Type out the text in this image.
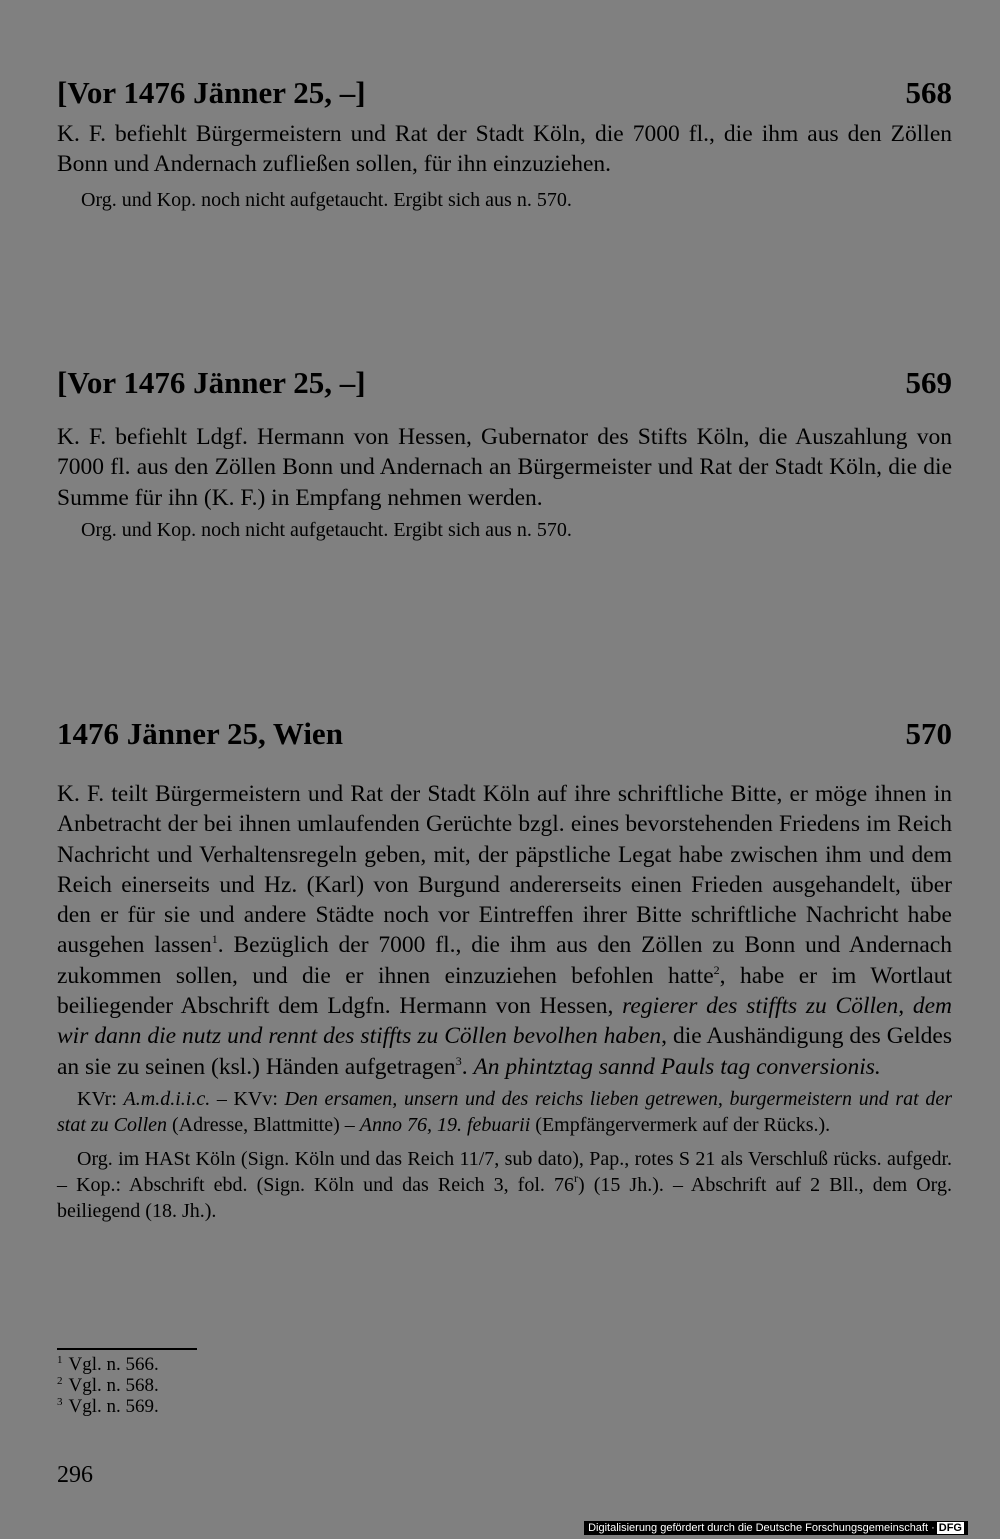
[Vor 1476 Jänner 25, –]	568
K. F. befiehlt Bürgermeistern und Rat der Stadt Köln, die 7000 fl., die ihm aus den Zöllen Bonn und Andernach zufließen sollen, für ihn einzuziehen.
Org. und Kop. noch nicht aufgetaucht. Ergibt sich aus n. 570.
[Vor 1476 Jänner 25, –]	569
K. F. befiehlt Ldgf. Hermann von Hessen, Gubernator des Stifts Köln, die Auszahlung von 7000 fl. aus den Zöllen Bonn und Andernach an Bürgermeister und Rat der Stadt Köln, die die Summe für ihn (K. F.) in Empfang nehmen werden.
Org. und Kop. noch nicht aufgetaucht. Ergibt sich aus n. 570.
1476 Jänner 25, Wien	570
K. F. teilt Bürgermeistern und Rat der Stadt Köln auf ihre schriftliche Bitte, er möge ihnen in Anbetracht der bei ihnen umlaufenden Gerüchte bzgl. eines bevorstehenden Friedens im Reich Nachricht und Verhaltensregeln geben, mit, der päpstliche Legat habe zwischen ihm und dem Reich einerseits und Hz. (Karl) von Burgund andererseits einen Frieden ausgehandelt, über den er für sie und andere Städte noch vor Eintreffen ihrer Bitte schriftliche Nachricht habe ausgehen lassen$^1$. Bezüglich der 7000 fl., die ihm aus den Zöllen zu Bonn und Andernach zukommen sollen, und die er ihnen einzuziehen befohlen hatte$^2$, habe er im Wortlaut beiliegender Abschrift dem Ldgfn. Hermann von Hessen, regierer des stiffts zu Cöllen, dem wir dann die nutz und rennt des stiffts zu Cöllen bevolhen haben, die Aushändigung des Geldes an sie zu seinen (ksl.) Händen aufgetragen$^3$. An phintztag sannd Pauls tag conversionis.
KVr: A.m.d.i.i.c. – KVv: Den ersamen, unsern und des reichs lieben getrewen, burgermeistern und rat der stat zu Collen (Adresse, Blattmitte) – Anno 76, 19. febuarii (Empfängervermerk auf der Rücks.).
Org. im HASt Köln (Sign. Köln und das Reich 11/7, sub dato), Pap., rotes S 21 als Verschluß rücks. aufgedr. – Kop.: Abschrift ebd. (Sign. Köln und das Reich 3, fol. 76$^r$) (15 Jh.). – Abschrift auf 2 Bll., dem Org. beiliegend (18. Jh.).
$^1$ Vgl. n. 566.
$^2$ Vgl. n. 568.
$^3$ Vgl. n. 569.
296
Digitalisierung gefördert durch die Deutsche Forschungsgemeinschaft · DFG
